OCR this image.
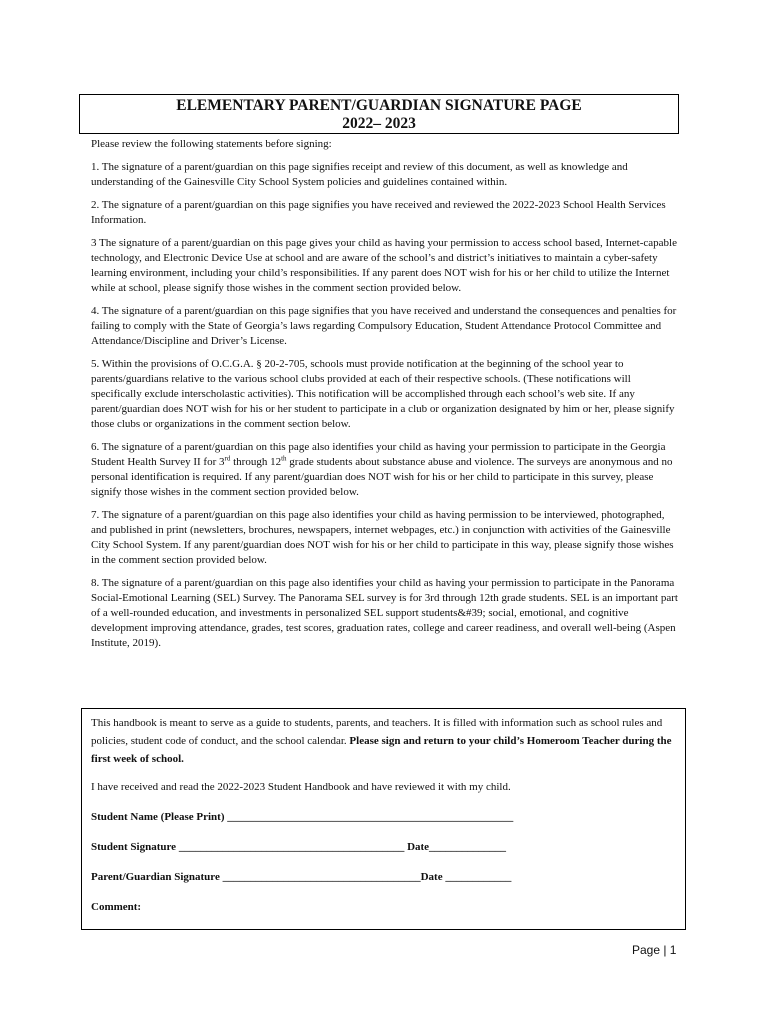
ELEMENTARY PARENT/GUARDIAN SIGNATURE PAGE
2022– 2023

Please review the following statements before signing:

1. The signature of a parent/guardian on this page signifies receipt and review of this document, as well as knowledge and understanding of the Gainesville City School System policies and guidelines contained within.

2. The signature of a parent/guardian on this page signifies you have received and reviewed the 2022-2023 School Health Services Information.

3 The signature of a parent/guardian on this page gives your child as having your permission to access school based, Internet-capable technology, and Electronic Device Use at school and are aware of the school’s and district’s initiatives to maintain a cyber-safety learning environment, including your child’s responsibilities. If any parent does NOT wish for his or her child to utilize the Internet while at school, please signify those wishes in the comment section provided below.

4. The signature of a parent/guardian on this page signifies that you have received and understand the consequences and penalties for failing to comply with the State of Georgia’s laws regarding Compulsory Education, Student Attendance Protocol Committee and Attendance/Discipline and Driver’s License.

5. Within the provisions of O.C.G.A. § 20-2-705, schools must provide notification at the beginning of the school year to parents/guardians relative to the various school clubs provided at each of their respective schools. (These notifications will specifically exclude interscholastic activities). This notification will be accomplished through each school’s web site. If any parent/guardian does NOT wish for his or her student to participate in a club or organization designated by him or her, please signify those clubs or organizations in the comment section below.

6. The signature of a parent/guardian on this page also identifies your child as having your permission to participate in the Georgia Student Health Survey II for 3rd through 12th grade students about substance abuse and violence. The surveys are anonymous and no personal identification is required. If any parent/guardian does NOT wish for his or her child to participate in this survey, please signify those wishes in the comment section provided below.

7. The signature of a parent/guardian on this page also identifies your child as having permission to be interviewed, photographed, and published in print (newsletters, brochures, newspapers, internet webpages, etc.) in conjunction with activities of the Gainesville City School System. If any parent/guardian does NOT wish for his or her child to participate in this way, please signify those wishes in the comment section provided below.

8. The signature of a parent/guardian on this page also identifies your child as having your permission to participate in the Panorama Social-Emotional Learning (SEL) Survey. The Panorama SEL survey is for 3rd through 12th grade students. SEL is an important part of a well-rounded education, and investments in personalized SEL support students&#39; social, emotional, and cognitive development improving attendance, grades, test scores, graduation rates, college and career readiness, and overall well-being (Aspen Institute, 2019).

This handbook is meant to serve as a guide to students, parents, and teachers. It is filled with information such as school rules and policies, student code of conduct, and the school calendar. Please sign and return to your child’s Homeroom Teacher during the first week of school.

I have received and read the 2022-2023 Student Handbook and have reviewed it with my child.

Student Name (Please Print) ____________________________________________________

Student Signature _________________________________________ Date______________

Parent/Guardian Signature ____________________________________Date ____________

Comment:

Page | 1
